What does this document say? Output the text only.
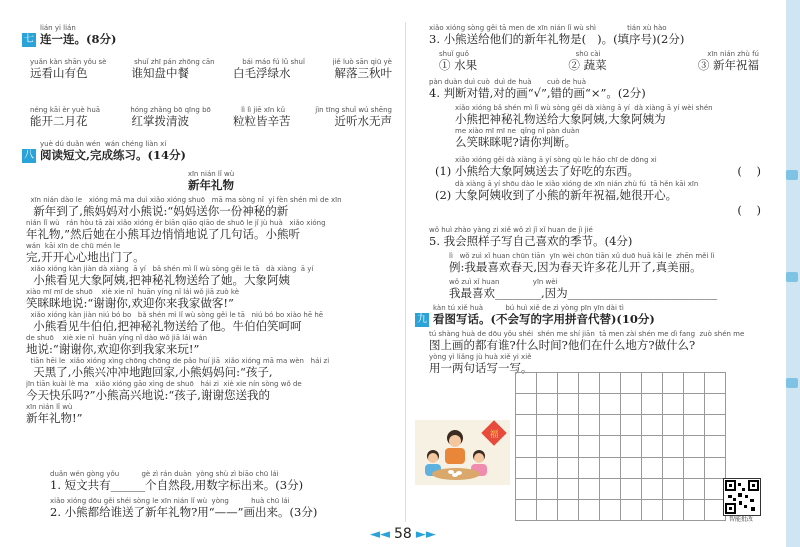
lián yi lián
七 连一连。(8分)
yuǎn kàn shān yǒu sè	shuǐ zhī pán zhōng cān	bái máo fú lǜ shuǐ	jiě luò sān qiū yè
远看山有色	谁知盘中餐	白毛浮绿水	解落三秋叶
néng kāi èr yuè huā	hóng zhǎng bō qīng bō	lì lì jiē xīn kǔ	jìn tīng shuǐ wú shēng
能开二月花	红掌拨清波	粒粒皆辛苦	近听水无声
yuè dú duǎn wén  wán chéng liàn xí
八 阅读短文,完成练习。(14分)
xīn nián lǐ wù
新年礼物
xīn nián dào le   xióng mā ma duì xiǎo xióng shuō   mā ma sòng nǐ  yí fèn shén mì de xīn
新年到了,熊妈妈对小熊说:“妈妈送你一份神秘的新
nián lǐ wù   rán hòu tā zài xiǎo xióng ěr biān qiāo qiāo de shuō le jǐ jù huà   xiǎo xióng
年礼物,”然后她在小熊耳边悄悄地说了几句话。小熊听
wán  kāi xīn de chū mén le
完,开开心心地出门了。
xiǎo xióng kàn jiàn dà xiàng  ā yí   bǎ shén mì lǐ wù sòng gěi le tā   dà xiàng  ā yí
小熊看见大象阿姨,把神秘礼物送给了她。大象阿姨
xiào mī mī de shuō    xiè xie nǐ  huān yíng nǐ lái wǒ jiā zuò kè
笑眯眯地说:“谢谢你,欢迎你来我家做客!”
xiǎo xióng kàn jiàn niú bó bo   bǎ shén mì lǐ wù sòng gěi le tā   niú bó bo xiào hē hē
小熊看见牛伯伯,把神秘礼物送给了他。牛伯伯笑呵呵
de shuō    xiè xie nǐ  huān yíng nǐ dào wǒ jiā lái wán
地说:“谢谢你,欢迎你到我家来玩!”
tiān hēi le  xiǎo xióng xìng chōng chōng de pǎo huí jiā  xiǎo xióng mā ma wèn   hái zi
天黑了,小熊兴冲冲地跑回家,小熊妈妈问:“孩子,
jīn tiān kuài lè ma   xiǎo xióng gāo xìng de shuō   hái zi  xiè xie nín sòng wǒ de
今天快乐吗?”小熊高兴地说:“孩子,谢谢您送我的
xīn nián lǐ wù
新年礼物!”
duǎn wén gòng yǒu          gè zì rán duàn  yòng shù zì biāo chū lái
1. 短文共有______个自然段,用数字标出来。(3分)
xiǎo xióng dōu gěi shéi sòng le xīn nián lǐ wù  yòng          huà chū lái
2. 小熊都给谁送了新年礼物?用“——”画出来。(3分)
xiǎo xióng sòng gěi tā men de xīn nián lǐ wù shì              tián xù hào
3. 小熊送给他们的新年礼物是(   )。(填序号)(2分)
shuǐ guǒ	shū cài	xīn nián zhù fú
① 水果	② 蔬菜	③ 新年祝福
pàn duàn duì cuò  duì de huà       cuò de huà
4. 判断对错,对的画“√”,错的画“×”。(2分)
xiǎo xióng bǎ shén mì lǐ wù sòng gěi dà xiàng ā yí  dà xiàng ā yí wèi shén
小熊把神秘礼物送给大象阿姨,大象阿姨为
me xiào mī mī ne  qǐng nǐ pàn duàn
么笑眯眯呢?请你判断。
xiǎo xióng gěi dà xiàng ā yí sòng qù le hǎo chī de dōng xi
(1) 小熊给大象阿姨送去了好吃的东西。	(    )
dà xiàng ā yí shōu dào le xiǎo xióng de xīn nián zhù fú  tā hěn kāi xīn
(2) 大象阿姨收到了小熊的新年祝福,她很开心。
(    )
wǒ huì zhào yàng zi xiě wǒ zì jǐ xǐ huan de jì jié
5. 我会照样子写自己喜欢的季节。(4分)
lì   wǒ zuì xǐ huan chūn tiān  yīn wèi chūn tiān xǔ duō huā kāi le  zhēn měi lì
例:我最喜欢春天,因为春天许多花儿开了,真美丽。
wǒ zuì xǐ huan               yīn wèi
我最喜欢________,因为__________________________
kàn tú xiě huà          bú huì xiě de zì yòng pīn yīn dài tì
九 看图写话。(不会写的字用拼音代替)(10分)
tú shàng huà de dōu yǒu shéi  shén me shí jiān  tā men zài shén me dì fang  zuò shén me
图上画的都有谁?什么时间?他们在什么地方?做什么?
yòng yì liǎng jù huà xiě yi xiě
用一两句话写一写。
福
智能批改
◄◄ 58 ►►
